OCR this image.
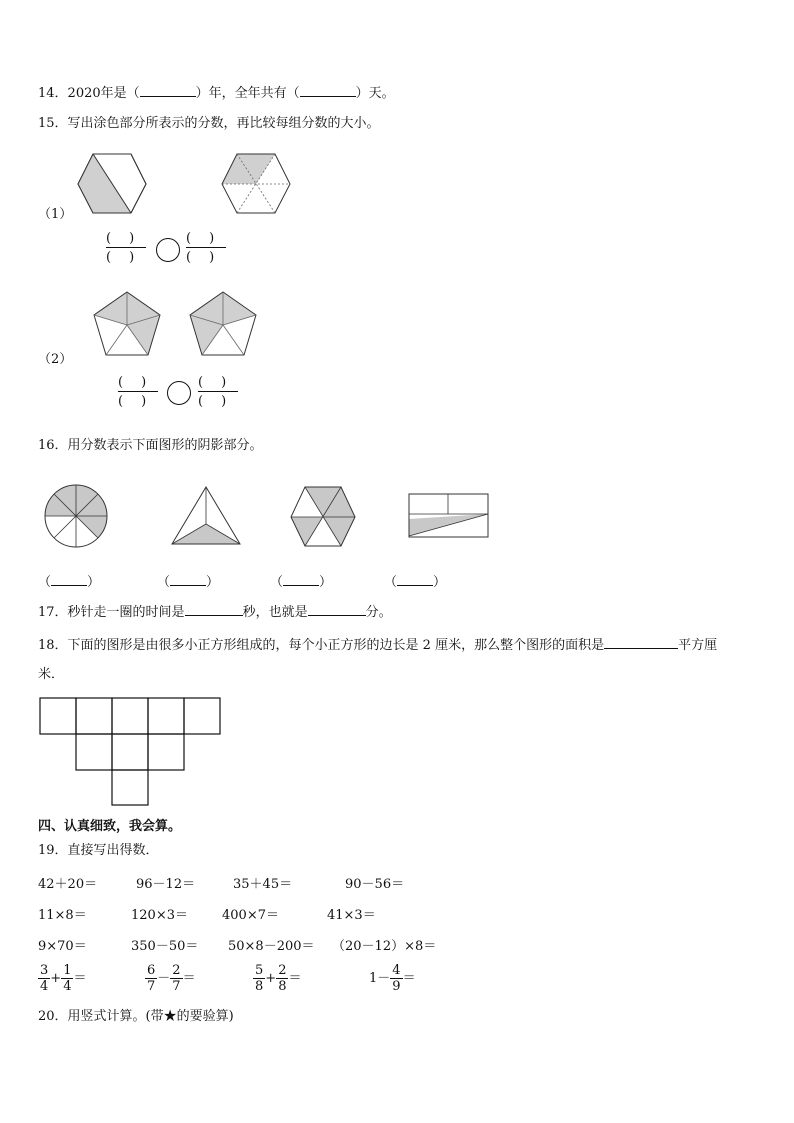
14．2020年是（	）年，全年共有（	）天。
15．写出涂色部分所表示的分数，再比较每组分数的大小。
（1）
()
()
()
()
（2）
()
()
()
()
16．用分数表示下面图形的阴影部分。
（	）	（	）	（	）	（	）
17．秒针走一圈的时间是	秒，也就是	分。
18．下面的图形是由很多小正方形组成的，每个小正方形的边长是 2 厘米，那么整个图形的面积是	平方厘
米．
四、认真细致，我会算。
19．直接写出得数．
42＋20＝	96－12＝	35＋45＝	90－56＝
11×8＝	120×3＝	400×7＝	41×3＝
9×70＝	350－50＝ 50×8－200＝ （20－12）×8＝
$\frac{3}{4} + \frac{1}{4}$ ＝	$\frac{6}{7} - \frac{2}{7}$ ＝	$\frac{5}{8} + \frac{2}{8}$ ＝	$1- \frac{4}{9}$ ＝
20．用竖式计算。(带★的要验算)
